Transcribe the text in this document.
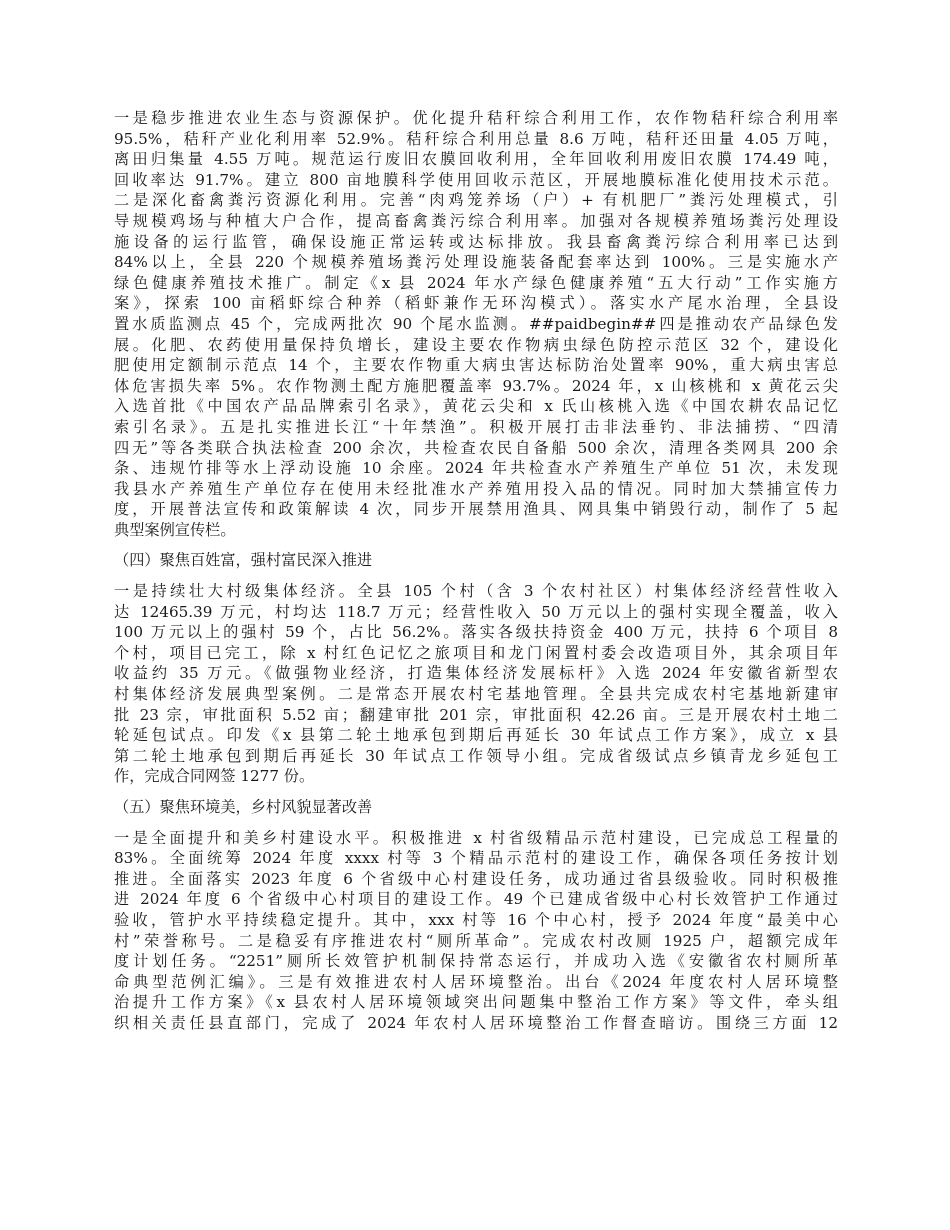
一是稳步推进农业生态与资源保护。优化提升秸秆综合利用工作，农作物秸秆综合利用率
95.5%，秸秆产业化利用率 52.9%。秸秆综合利用总量 8.6 万吨，秸秆还田量 4.05 万吨，
离田归集量 4.55 万吨。规范运行废旧农膜回收利用，全年回收利用废旧农膜 174.49 吨，
回收率达 91.7%。建立 800 亩地膜科学使用回收示范区，开展地膜标准化使用技术示范。
二是深化畜禽粪污资源化利用。完善“肉鸡笼养场（户）+ 有机肥厂”粪污处理模式，引
导规模鸡场与种植大户合作，提高畜禽粪污综合利用率。加强对各规模养殖场粪污处理设
施设备的运行监管，确保设施正常运转或达标排放。我县畜禽粪污综合利用率已达到
84%以上，全县 220 个规模养殖场粪污处理设施装备配套率达到 100%。三是实施水产
绿色健康养殖技术推广。制定《x 县 2024 年水产绿色健康养殖“五大行动”工作实施方
案》，探索 100 亩稻虾综合种养（稻虾兼作无环沟模式）。落实水产尾水治理，全县设
置水质监测点 45 个，完成两批次 90 个尾水监测。##paidbegin##四是推动农产品绿色发
展。化肥、农药使用量保持负增长，建设主要农作物病虫绿色防控示范区 32 个，建设化
肥使用定额制示范点 14 个，主要农作物重大病虫害达标防治处置率 90%，重大病虫害总
体危害损失率 5%。农作物测土配方施肥覆盖率 93.7%。2024 年，x 山核桃和 x 黄花云尖
入选首批《中国农产品品牌索引名录》，黄花云尖和 x 氏山核桃入选《中国农耕农品记忆
索引名录》。五是扎实推进长江“十年禁渔”。积极开展打击非法垂钓、非法捕捞、“四清
四无”等各类联合执法检查 200 余次，共检查农民自备船 500 余次，清理各类网具 200 余
条、违规竹排等水上浮动设施 10 余座。2024 年共检查水产养殖生产单位 51 次，未发现
我县水产养殖生产单位存在使用未经批准水产养殖用投入品的情况。同时加大禁捕宣传力
度，开展普法宣传和政策解读 4 次，同步开展禁用渔具、网具集中销毁行动，制作了 5 起
典型案例宣传栏。
（四）聚焦百姓富，强村富民深入推进
一是持续壮大村级集体经济。全县 105 个村（含 3 个农村社区）村集体经济经营性收入
达 12465.39 万元，村均达 118.7 万元；经营性收入 50 万元以上的强村实现全覆盖，收入
100 万元以上的强村 59 个，占比 56.2%。落实各级扶持资金 400 万元，扶持 6 个项目 8
个村，项目已完工，除 x 村红色记忆之旅项目和龙门闲置村委会改造项目外，其余项目年
收益约 35 万元。《做强物业经济，打造集体经济发展标杆》入选 2024 年安徽省新型农
村集体经济发展典型案例。二是常态开展农村宅基地管理。全县共完成农村宅基地新建审
批 23 宗，审批面积 5.52 亩；翻建审批 201 宗，审批面积 42.26 亩。三是开展农村土地二
轮延包试点。印发《x 县第二轮土地承包到期后再延长 30 年试点工作方案》，成立 x 县
第二轮土地承包到期后再延长 30 年试点工作领导小组。完成省级试点乡镇青龙乡延包工
作，完成合同网签 1277 份。
（五）聚焦环境美，乡村风貌显著改善
一是全面提升和美乡村建设水平。积极推进 x 村省级精品示范村建设，已完成总工程量的
83%。全面统筹 2024 年度 xxxx 村等 3 个精品示范村的建设工作，确保各项任务按计划
推进。全面落实 2023 年度 6 个省级中心村建设任务，成功通过省县级验收。同时积极推
进 2024 年度 6 个省级中心村项目的建设工作。49 个已建成省级中心村长效管护工作通过
验收，管护水平持续稳定提升。其中，xxx 村等 16 个中心村，授予 2024 年度“最美中心
村”荣誉称号。二是稳妥有序推进农村“厕所革命”。完成农村改厕 1925 户，超额完成年
度计划任务。“2251”厕所长效管护机制保持常态运行，并成功入选《安徽省农村厕所革
命典型范例汇编》。三是有效推进农村人居环境整治。出台《2024 年度农村人居环境整
治提升工作方案》《x 县农村人居环境领域突出问题集中整治工作方案》等文件，牵头组
织相关责任县直部门，完成了 2024 年农村人居环境整治工作督查暗访。围绕三方面 12
